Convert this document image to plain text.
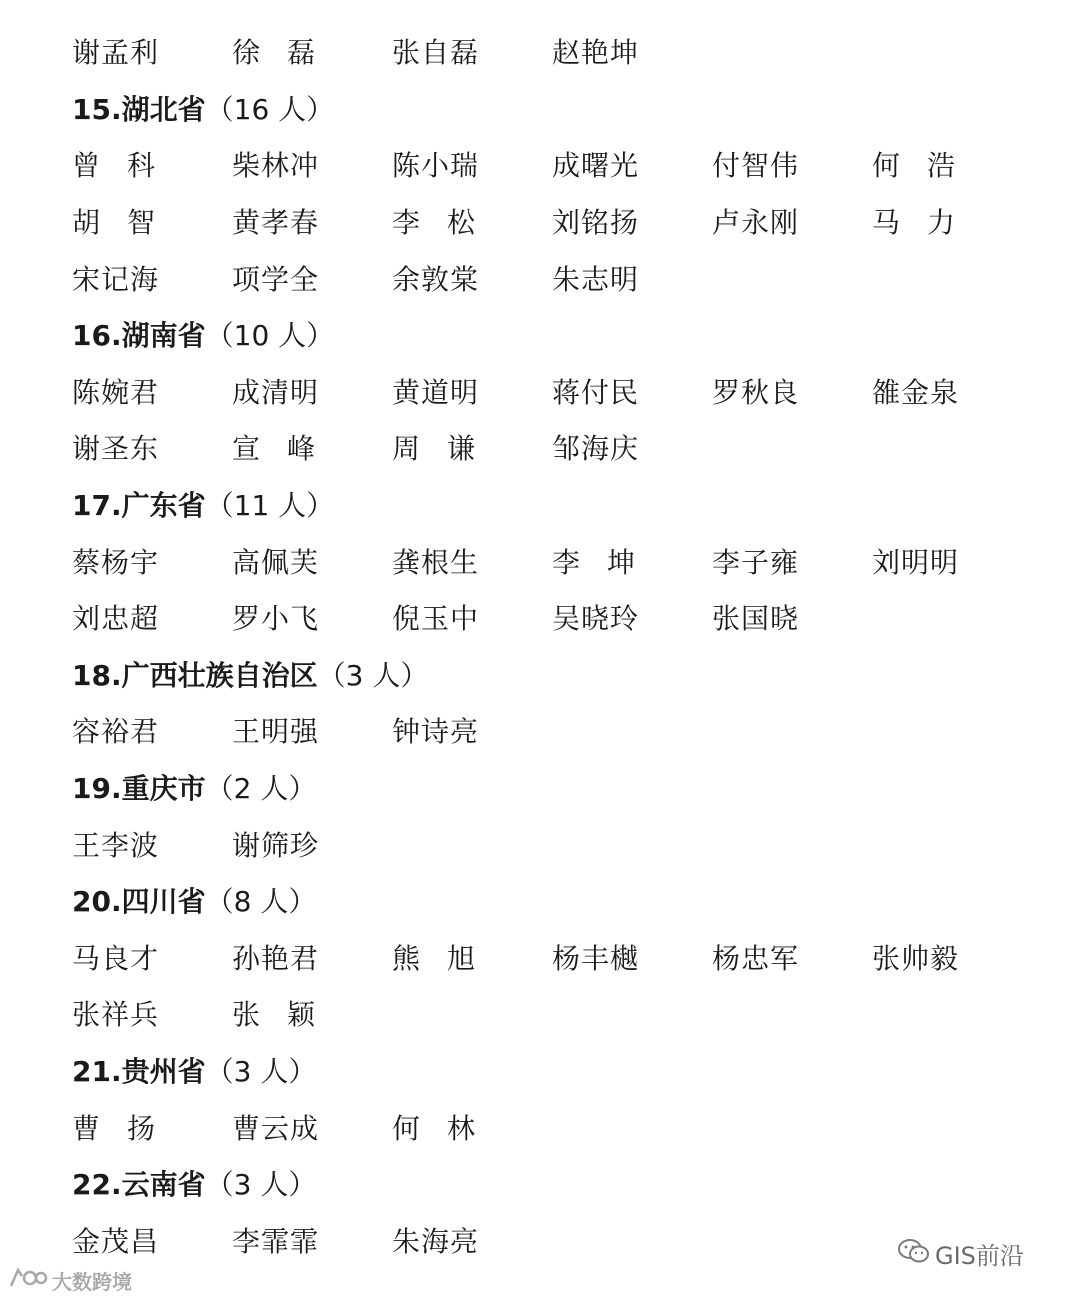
谢孟利	徐 磊	张自磊	赵艳坤
15.湖北省（16 人）
曾 科	柴林冲	陈小瑞	成曙光	付智伟	何 浩
胡 智	黄孝春	李 松	刘铭扬	卢永刚	马 力
宋记海	项学全	余敦棠	朱志明
16.湖南省（10 人）
陈婉君	成清明	黄道明	蒋付民	罗秋良	雒金泉
谢圣东	宣 峰	周 谦	邹海庆
17.广东省（11 人）
蔡杨宇	高佩芙	龚根生	李 坤	李子雍	刘明明
刘忠超	罗小飞	倪玉中	吴晓玲	张国晓
18.广西壮族自治区（3 人）
容裕君	王明强	钟诗亮
19.重庆市（2 人）
王李波	谢筛珍
20.四川省（8 人）
马良才	孙艳君	熊 旭	杨丰樾	杨忠军	张帅毅
张祥兵	张 颖
21.贵州省（3 人）
曹 扬	曹云成	何 林
22.云南省（3 人）
金茂昌	李霏霏	朱海亮	GIS前沿
大数跨境
